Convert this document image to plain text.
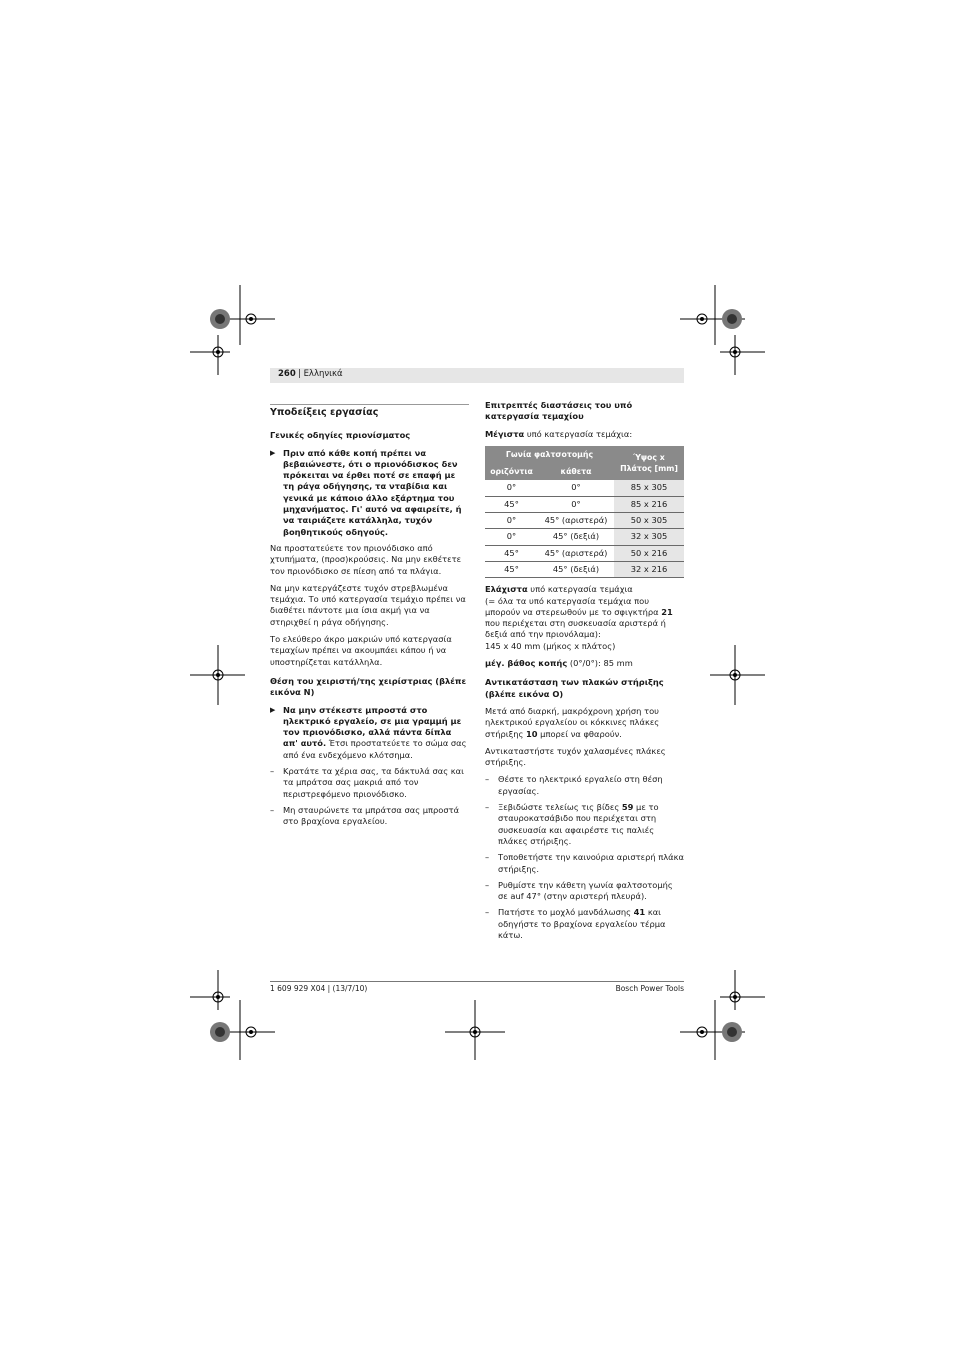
260 | Ελληνικά
Υποδείξεις εργασίας
Γενικές οδηγίες πριονίσματος
▶ Πριν από κάθε κοπή πρέπει να βεβαιώνεστε, ότι ο πριονόδισκος δεν πρόκειται να έρθει ποτέ σε επαφή με τη ράγα οδήγησης, τα νταβίδια και γενικά με κάποιο άλλο εξάρτημα του μηχανήματος. Γι' αυτό να αφαιρείτε, ή να ταιριάζετε κατάλληλα, τυχόν βοηθητικούς οδηγούς.

Να προστατεύετε τον πριονόδισκο από χτυπήματα, (προσ)κρούσεις. Να μην εκθέτετε τον πριονόδισκο σε πίεση από τα πλάγια.

Να μην κατεργάζεστε τυχόν στρεβλωμένα τεμάχια. Το υπό κατεργασία τεμάχιο πρέπει να διαθέτει πάντοτε μια ίσια ακμή για να στηριχθεί η ράγα οδήγησης.

Το ελεύθερο άκρο μακριών υπό κατεργασία τεμαχίων πρέπει να ακουμπάει κάπου ή να υποστηρίζεται κατάλληλα.

Θέση του χειριστή/της χειρίστριας (βλέπε εικόνα N)
▶ Να μην στέκεστε μπροστά στο ηλεκτρικό εργαλείο, σε μια γραμμή με τον πριονόδισκο, αλλά πάντα δίπλα απ' αυτό. Έτσι προστατεύετε το σώμα σας από ένα ενδεχόμενο κλότσημα.
– Κρατάτε τα χέρια σας, τα δάκτυλά σας και τα μπράτσα σας μακριά από τον περιστρεφόμενο πριονόδισκο.
– Μη σταυρώνετε τα μπράτσα σας μπροστά στο βραχίονα εργαλείου.
Επιτρεπτές διαστάσεις του υπό κατεργασία τεμαχίου

Μέγιστα υπό κατεργασία τεμάχια:

Γωνία φαλτσοτομής		Ύψος x Πλάτος [mm]
οριζόντια	κάθετα	
0°	0°	85 x 305
45°	0°	85 x 216
0°	45° (αριστερά)	50 x 305
0°	45° (δεξιά)	32 x 305
45°	45° (αριστερά)	50 x 216
45°	45° (δεξιά)	32 x 216
Ελάχιστα υπό κατεργασία τεμάχια
(= όλα τα υπό κατεργασία τεμάχια που μπορούν να στερεωθούν με το σφιγκτήρα 21 που περιέχεται στη συσκευασία αριστερά ή δεξιά από την πριονόλαμα):

145 x 40 mm (μήκος x πλάτος)

μέγ. βάθος κοπής (0°/0°): 85 mm

Αντικατάσταση των πλακών στήριξης (βλέπε εικόνα O)

Μετά από διαρκή, μακρόχρονη χρήση του ηλεκτρικού εργαλείου οι κόκκινες πλάκες στήριξης 10 μπορεί να φθαρούν.

Αντικαταστήστε τυχόν χαλασμένες πλάκες στήριξης.

– Θέστε το ηλεκτρικό εργαλείο στη θέση εργασίας.
– Ξεβιδώστε τελείως τις βίδες 59 με το σταυροκατσάβιδο που περιέχεται στη συσκευασία και αφαιρέστε τις παλιές πλάκες στήριξης.
– Τοποθετήστε την καινούρια αριστερή πλάκα στήριξης.
– Ρυθμίστε την κάθετη γωνία φαλτσοτομής σε auf 47° (στην αριστερή πλευρά).
– Πατήστε το μοχλό μανδάλωσης 41 και οδηγήστε το βραχίονα εργαλείου τέρμα κάτω.
1 609 929 X04 | (13/7/10)	Bosch Power Tools
